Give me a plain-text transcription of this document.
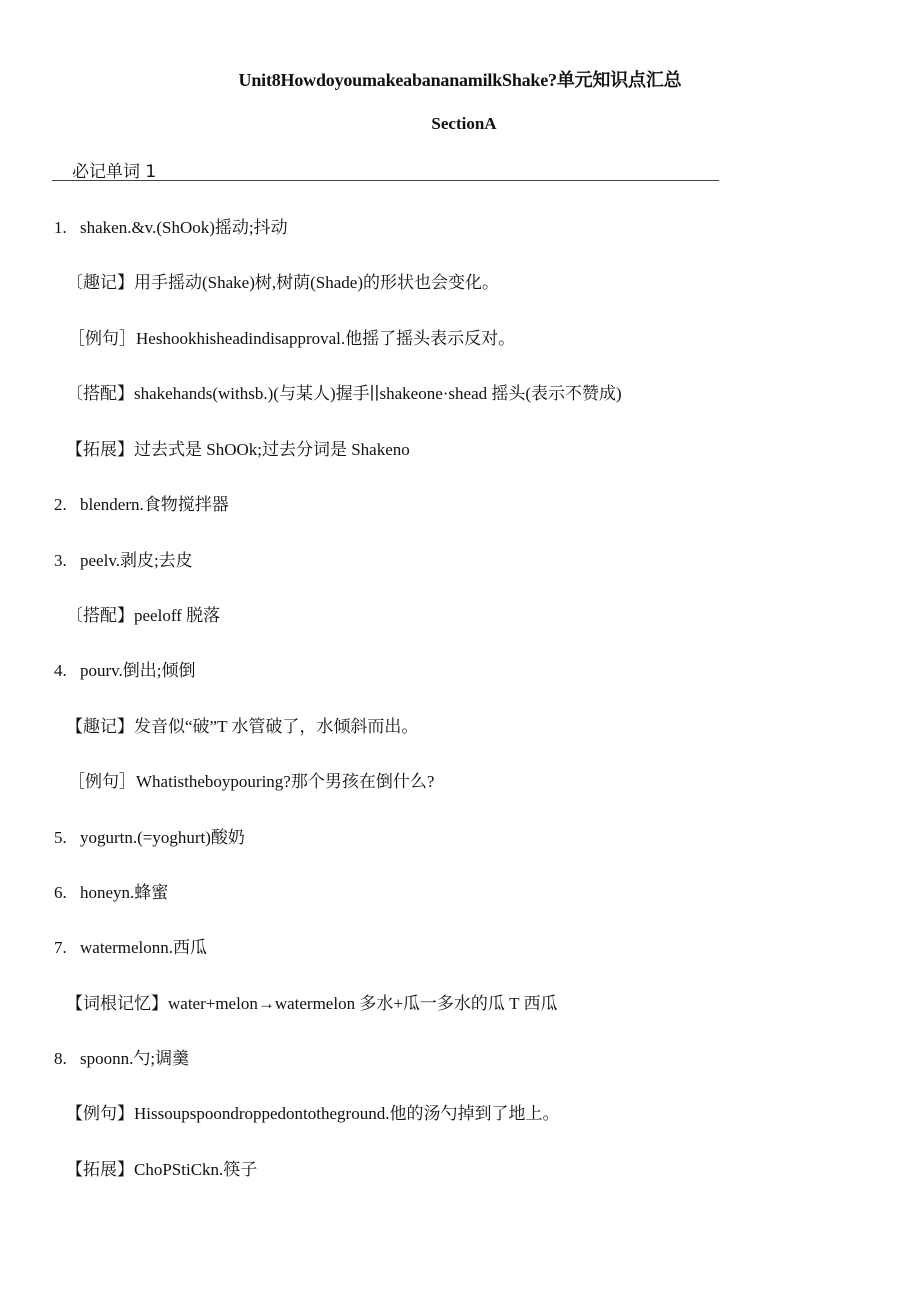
Unit8HowdoyoumakeabananamilkShake?单元知识点汇总
SectionA
必记单词 1
1. shaken.&v.(ShOok)摇动;抖动
〔趣记】用手摇动(Shake)树,树荫(Shade)的形状也会变化。
［例句］Heshookhisheadindisapproval.他摇了摇头表示反对。
〔搭配】shakehands(withsb.)(与某人)握手∣∣shakeone·shead 摇头(表示不赞成)
【拓展】过去式是 ShOOk;过去分词是 Shakeno
2. blendern.食物搅拌器
3. peelv.剥皮;去皮
〔搭配】peeloff 脱落
4. pourv.倒出;倾倒
【趣记】发音似“破”T 水管破了，水倾斜而出。
［例句］Whatistheboypouring?那个男孩在倒什么?
5. yogurtn.(=yoghurt)酸奶
6. honeyn.蜂蜜
7. watermelonn.西瓜
【词根记忆】water+melon→watermelon 多水+瓜一多水的瓜 T 西瓜
8. spoonn.勺;调羹
【例句】Hissoupspoondroppedontotheground.他的汤勺掉到了地上。
【拓展】ChoPStiCkn.筷子
